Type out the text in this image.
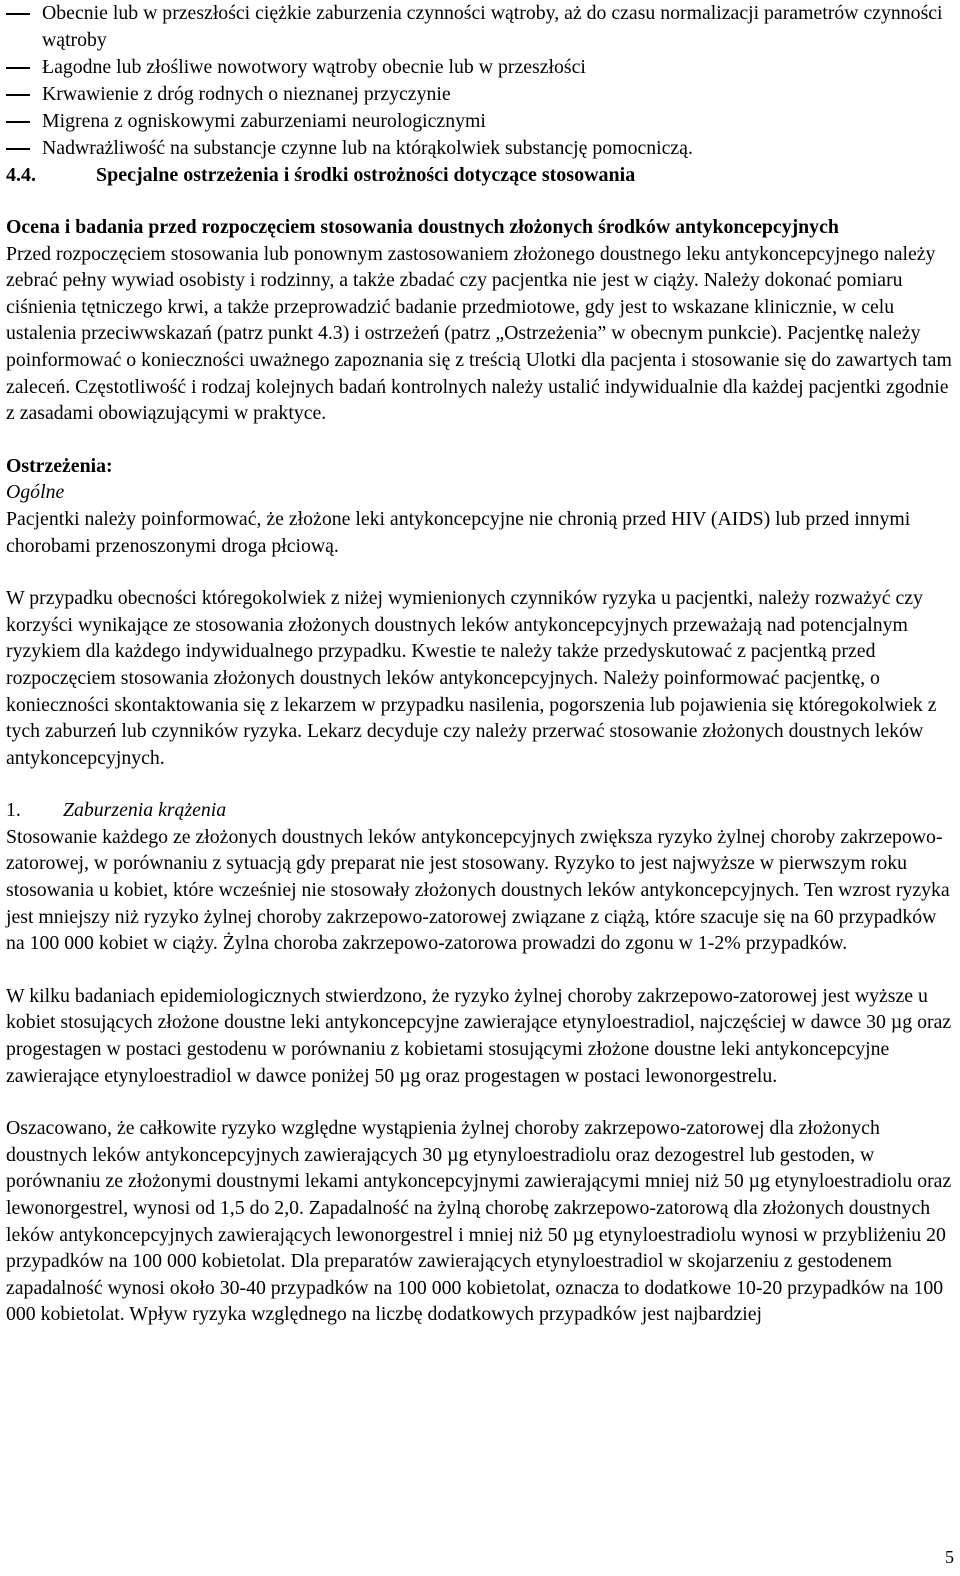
Obecnie lub w przeszłości ciężkie zaburzenia czynności wątroby, aż do czasu normalizacji parametrów czynności wątroby
Łagodne lub złośliwe nowotwory wątroby obecnie lub w przeszłości
Krwawienie z dróg rodnych o nieznanej przyczynie
Migrena z ogniskowymi zaburzeniami neurologicznymi
Nadwrażliwość na substancje czynne lub na którąkolwiek substancję pomocniczą.
4.4.	Specjalne ostrzeżenia i środki ostrożności dotyczące stosowania

Ocena i badania przed rozpoczęciem stosowania doustnych złożonych środków antykoncepcyjnych

Przed rozpoczęciem stosowania lub ponownym zastosowaniem złożonego doustnego leku antykoncepcyjnego należy zebrać pełny wywiad osobisty i rodzinny, a także zbadać czy pacjentka nie jest w ciąży. Należy dokonać pomiaru ciśnienia tętniczego krwi, a także przeprowadzić badanie przedmiotowe, gdy jest to wskazane klinicznie, w celu ustalenia przeciwwskazań (patrz punkt 4.3) i ostrzeżeń (patrz „Ostrzeżenia” w obecnym punkcie). Pacjentkę należy poinformować o konieczności uważnego zapoznania się z treścią Ulotki dla pacjenta i stosowanie się do zawartych tam zaleceń. Częstotliwość i rodzaj kolejnych badań kontrolnych należy ustalić indywidualnie dla każdej pacjentki zgodnie z zasadami obowiązującymi w praktyce.

Ostrzeżenia:

Ogólne

Pacjentki należy poinformować, że złożone leki antykoncepcyjne nie chronią przed HIV (AIDS) lub przed innymi chorobami przenoszonymi droga płciową.

W przypadku obecności któregokolwiek z niżej wymienionych czynników ryzyka u pacjentki, należy rozważyć czy korzyści wynikające ze stosowania złożonych doustnych leków antykoncepcyjnych przeważają nad potencjalnym ryzykiem dla każdego indywidualnego przypadku. Kwestie te należy także przedyskutować z pacjentką przed rozpoczęciem stosowania złożonych doustnych leków antykoncepcyjnych. Należy poinformować pacjentkę, o konieczności skontaktowania się z lekarzem w przypadku nasilenia, pogorszenia lub pojawienia się któregokolwiek z tych zaburzeń lub czynników ryzyka. Lekarz decyduje czy należy przerwać stosowanie złożonych doustnych leków antykoncepcyjnych.

1.	Zaburzenia krążenia

Stosowanie każdego ze złożonych doustnych leków antykoncepcyjnych zwiększa ryzyko żylnej choroby zakrzepowo-zatorowej, w porównaniu z sytuacją gdy preparat nie jest stosowany. Ryzyko to jest najwyższe w pierwszym roku stosowania u kobiet, które wcześniej nie stosowały złożonych doustnych leków antykoncepcyjnych. Ten wzrost ryzyka jest mniejszy niż ryzyko żylnej choroby zakrzepowo-zatorowej związane z ciążą, które szacuje się na 60 przypadków na 100 000 kobiet w ciąży. Żylna choroba zakrzepowo-zatorowa prowadzi do zgonu w 1-2% przypadków.

W kilku badaniach epidemiologicznych stwierdzono, że ryzyko żylnej choroby zakrzepowo-zatorowej jest wyższe u kobiet stosujących złożone doustne leki antykoncepcyjne zawierające etynyloestradiol, najczęściej w dawce 30 µg oraz progestagen w postaci gestodenu w porównaniu z kobietami stosującymi złożone doustne leki antykoncepcyjne zawierające etynyloestradiol w dawce poniżej 50 µg oraz progestagen w postaci lewonorgestrelu.

Oszacowano, że całkowite ryzyko względne wystąpienia żylnej choroby zakrzepowo-zatorowej dla złożonych doustnych leków antykoncepcyjnych zawierających 30 µg etynyloestradiolu oraz dezogestrel lub gestoden, w porównaniu ze złożonymi doustnymi lekami antykoncepcyjnymi zawierającymi mniej niż 50 µg etynyloestradiolu oraz lewonorgestrel, wynosi od 1,5 do 2,0. Zapadalność na żylną chorobę zakrzepowo-zatorową dla złożonych doustnych leków antykoncepcyjnych zawierających lewonorgestrel i mniej niż 50 µg etynyloestradiolu wynosi w przybliżeniu 20 przypadków na 100 000 kobietolat. Dla preparatów zawierających etynyloestradiol w skojarzeniu z gestodenem zapadalność wynosi około 30-40 przypadków na 100 000 kobietolat, oznacza to dodatkowe 10-20 przypadków na 100 000 kobietolat. Wpływ ryzyka względnego na liczbę dodatkowych przypadków jest najbardziej

5
